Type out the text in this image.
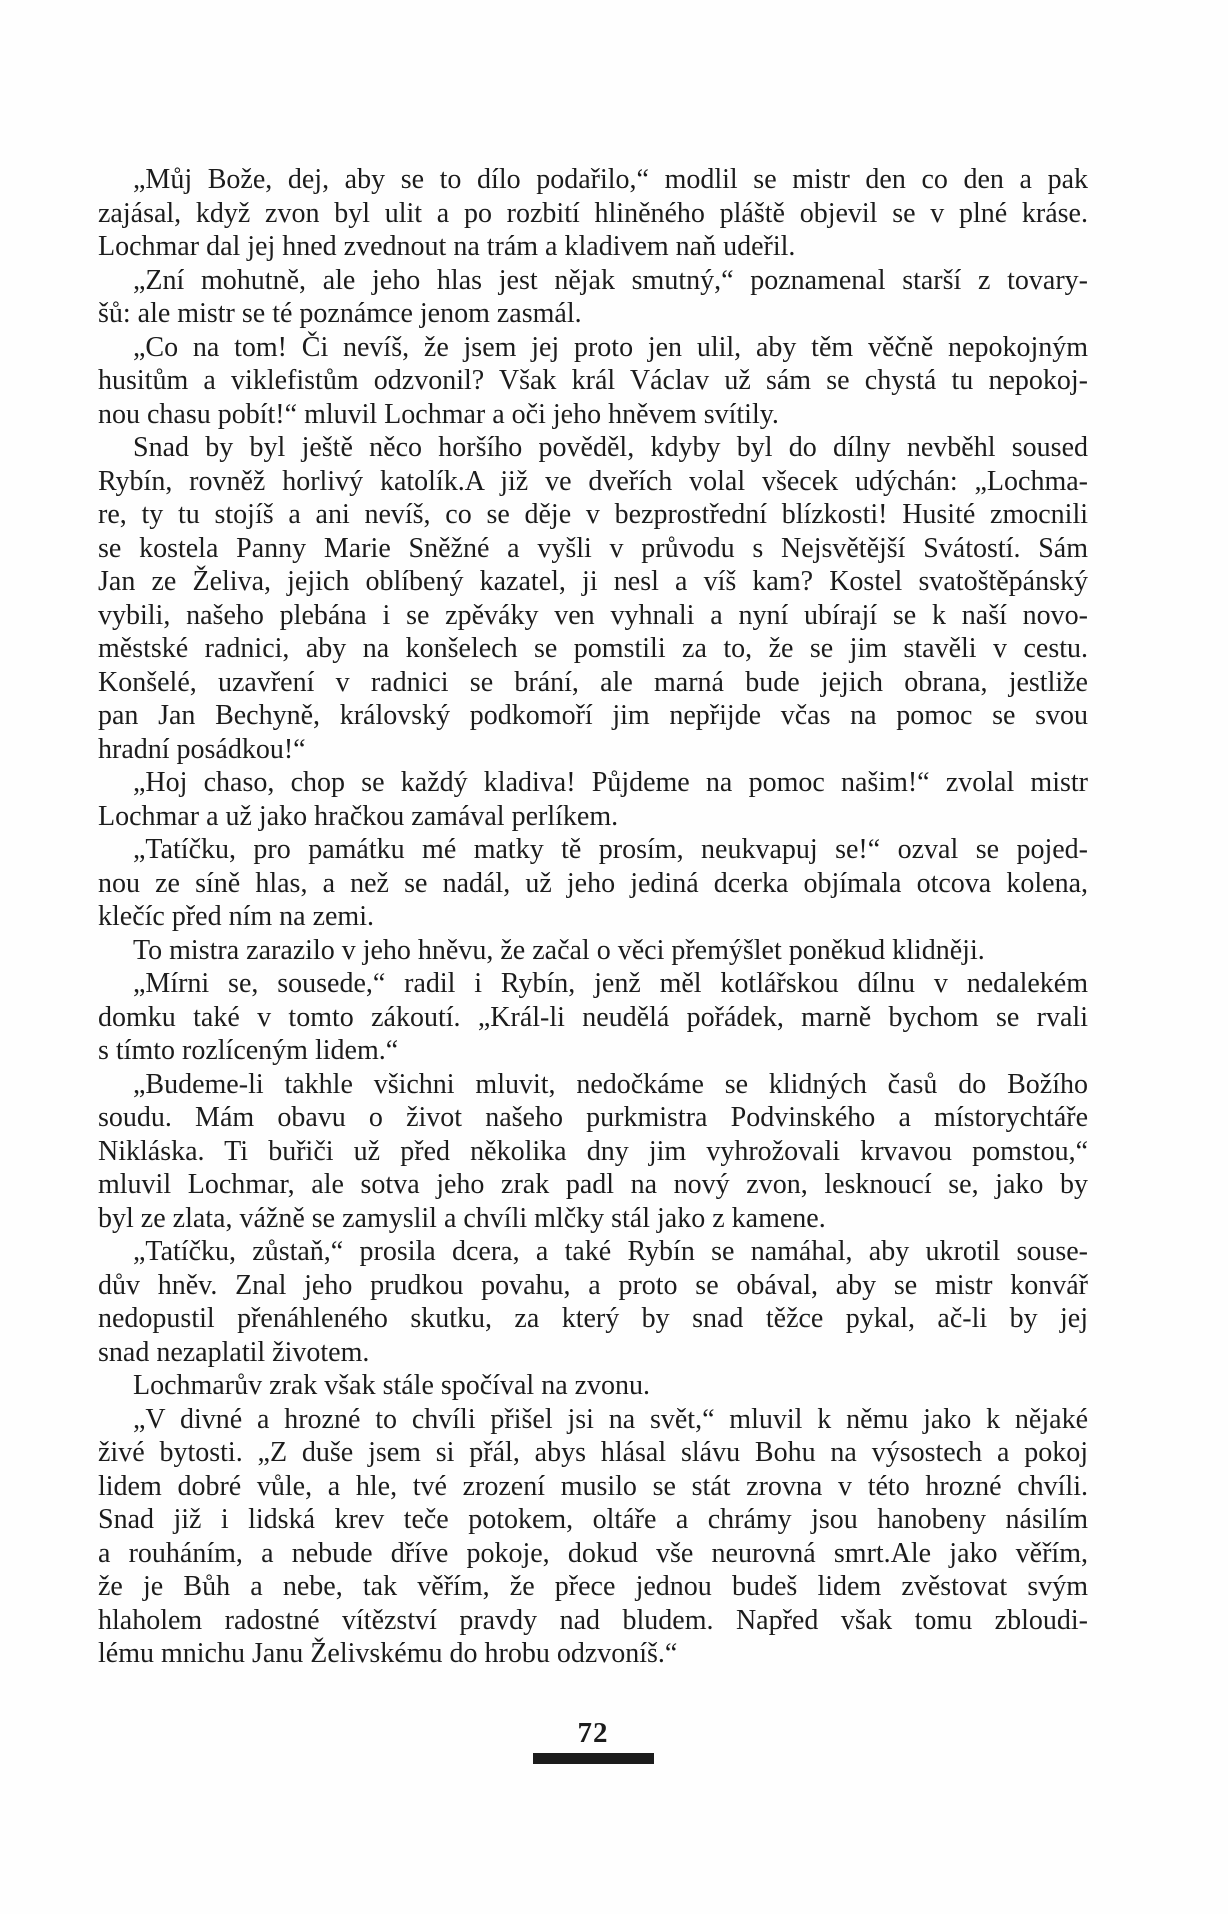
„Můj Bože, dej, aby se to dílo podařilo,“ modlil se mistr den co den a pak
zajásal, když zvon byl ulit a po rozbití hliněného pláště objevil se v plné kráse.
Lochmar dal jej hned zvednout na trám a kladivem naň udeřil.
„Zní mohutně, ale jeho hlas jest nějak smutný,“ poznamenal starší z tovary-
šů: ale mistr se té poznámce jenom zasmál.
„Co na tom! Či nevíš, že jsem jej proto jen ulil, aby těm věčně nepokojným
husitům a viklefistům odzvonil? Však král Václav už sám se chystá tu nepokoj-
nou chasu pobít!“ mluvil Lochmar a oči jeho hněvem svítily.
Snad by byl ještě něco horšího pověděl, kdyby byl do dílny nevběhl soused
Rybín, rovněž horlivý katolík.A již ve dveřích volal všecek udýchán: „Lochma-
re, ty tu stojíš a ani nevíš, co se děje v bezprostřední blízkosti! Husité zmocnili
se kostela Panny Marie Sněžné a vyšli v průvodu s Nejsvětější Svátostí. Sám
Jan ze Želiva, jejich oblíbený kazatel, ji nesl a víš kam? Kostel svatoštěpánský
vybili, našeho plebána i se zpěváky ven vyhnali a nyní ubírají se k naší novo-
městské radnici, aby na konšelech se pomstili za to, že se jim stavěli v cestu.
Konšelé, uzavření v radnici se brání, ale marná bude jejich obrana, jestliže
pan Jan Bechyně, královský podkomoří jim nepřijde včas na pomoc se svou
hradní posádkou!“
„Hoj chaso, chop se každý kladiva! Půjdeme na pomoc našim!“ zvolal mistr
Lochmar a už jako hračkou zamával perlíkem.
„Tatíčku, pro památku mé matky tě prosím, neukvapuj se!“ ozval se pojed-
nou ze síně hlas, a než se nadál, už jeho jediná dcerka objímala otcova kolena,
klečíc před ním na zemi.
To mistra zarazilo v jeho hněvu, že začal o věci přemýšlet poněkud klidněji.
„Mírni se, sousede,“ radil i Rybín, jenž měl kotlářskou dílnu v nedalekém
domku také v tomto zákoutí. „Král-li neudělá pořádek, marně bychom se rvali
s tímto rozlíceným lidem.“
„Budeme-li takhle všichni mluvit, nedočkáme se klidných časů do Božího
soudu. Mám obavu o život našeho purkmistra Podvinského a místorychtáře
Nikláska. Ti buřiči už před několika dny jim vyhrožovali krvavou pomstou,“
mluvil Lochmar, ale sotva jeho zrak padl na nový zvon, lesknoucí se, jako by
byl ze zlata, vážně se zamyslil a chvíli mlčky stál jako z kamene.
„Tatíčku, zůstaň,“ prosila dcera, a také Rybín se namáhal, aby ukrotil souse-
dův hněv. Znal jeho prudkou povahu, a proto se obával, aby se mistr konvář
nedopustil přenáhleného skutku, za který by snad těžce pykal, ač-li by jej
snad nezaplatil životem.
Lochmarův zrak však stále spočíval na zvonu.
„V divné a hrozné to chvíli přišel jsi na svět,“ mluvil k němu jako k nějaké
živé bytosti. „Z duše jsem si přál, abys hlásal slávu Bohu na výsostech a pokoj
lidem dobré vůle, a hle, tvé zrození musilo se stát zrovna v této hrozné chvíli.
Snad již i lidská krev teče potokem, oltáře a chrámy jsou hanobeny násilím
a rouháním, a nebude dříve pokoje, dokud vše neurovná smrt.Ale jako věřím,
že je Bůh a nebe, tak věřím, že přece jednou budeš lidem zvěstovat svým
hlaholem radostné vítězství pravdy nad bludem. Napřed však tomu zbloudi-
lému mnichu Janu Želivskému do hrobu odzvoníš.“
72
